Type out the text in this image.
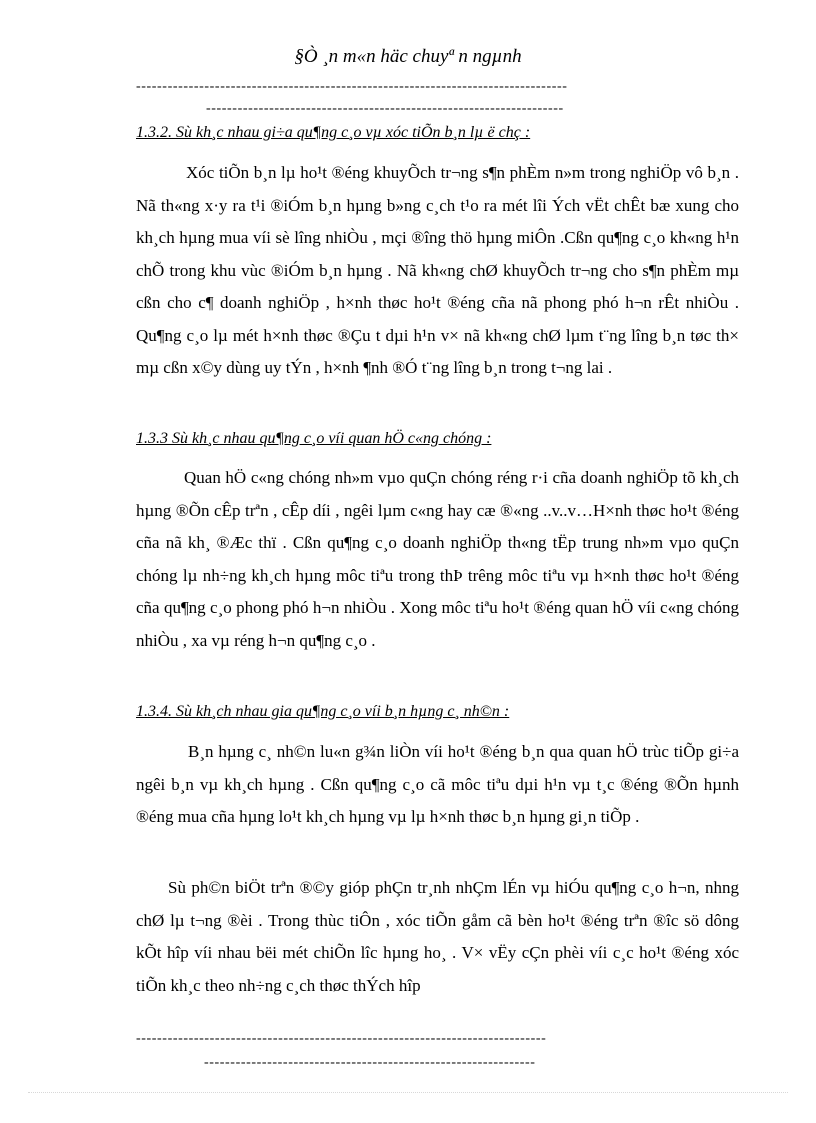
§Ò ¸n m«n häc chuyª n ngµnh
----------------------------------------------------------------------------------
--------------------------------------------------------------------
1.3.2. Sù kh¸c nhau gi÷a qu¶ng c¸o vµ xóc tiÕn b¸n lµ ë chç :

Xóc tiÕn b¸n lµ ho¹t ®éng khuyÕch tr¬ng s¶n phÈm n»m trong nghiÖp vô b¸n . Nã th«ng x·y ra t¹i ®iÓm b¸n hµng b»ng c¸ch t¹o ra mét lîi Ých vËt chÊt bæ xung cho kh¸ch hµng mua víi sè lîng nhiÒu , mçi ®îng thö hµng miÔn .Cßn qu¶ng c¸o kh«ng h¹n chÕ trong khu vùc ®iÓm b¸n hµng . Nã kh«ng chØ khuyÕch tr¬ng cho s¶n phÈm mµ cßn cho c¶ doanh nghiÖp , h×nh thøc ho¹t ®éng cña nã phong phó h¬n rÊt nhiÒu . Qu¶ng c¸o lµ mét h×nh thøc ®Çu t dµi h¹n v× nã kh«ng chØ lµm t¨ng lîng b¸n tøc th× mµ cßn x©y dùng uy tÝn , h×nh ¶nh ®Ó t¨ng lîng b¸n trong t¬ng lai .

1.3.3 Sù kh¸c nhau qu¶ng c¸o víi quan hÖ c«ng chóng :

Quan hÖ c«ng chóng nh»m vµo quÇn chóng réng r·i cña doanh nghiÖp tõ kh¸ch hµng ®Õn cÊp trªn , cÊp díi , ngêi lµm c«ng hay cæ ®«ng ..v..v…H×nh thøc ho¹t ®éng cña nã kh¸ ®Æc thï . Cßn qu¶ng c¸o doanh nghiÖp th«ng tËp trung nh»m vµo quÇn chóng lµ nh÷ng kh¸ch hµng môc tiªu trong thÞ trêng môc tiªu vµ h×nh thøc ho¹t ®éng cña qu¶ng c¸o phong phó h¬n nhiÒu . Xong môc tiªu ho¹t ®éng quan hÖ víi c«ng chóng nhiÒu , xa vµ réng h¬n qu¶ng c¸o .

1.3.4. Sù kh¸ch nhau gia qu¶ng c¸o víi b¸n hµng c¸ nh©n :

B¸n hµng c¸ nh©n lu«n g¾n liÒn víi ho¹t ®éng b¸n qua quan hÖ trùc tiÕp gi÷a ngêi b¸n vµ kh¸ch hµng . Cßn qu¶ng c¸o cã môc tiªu dµi h¹n vµ t¸c ®éng ®Õn hµnh ®éng mua cña hµng lo¹t kh¸ch hµng vµ lµ h×nh thøc b¸n hµng gi¸n tiÕp .

Sù ph©n biÖt trªn ®©y gióp phÇn tr¸nh nhÇm lÉn vµ hiÓu qu¶ng c¸o h¬n, nhng chØ lµ t¬ng ®èi . Trong thùc tiÔn , xóc tiÕn gåm cã bèn ho¹t ®éng trªn ®îc sö dông kÕt hîp víi nhau bëi mét chiÕn lîc hµng ho¸ . V× vËy cÇn phèi víi c¸c ho¹t ®éng xóc tiÕn kh¸c theo nh÷ng c¸ch thøc thÝch hîp

------------------------------------------------------------------------------
---------------------------------------------------------------
